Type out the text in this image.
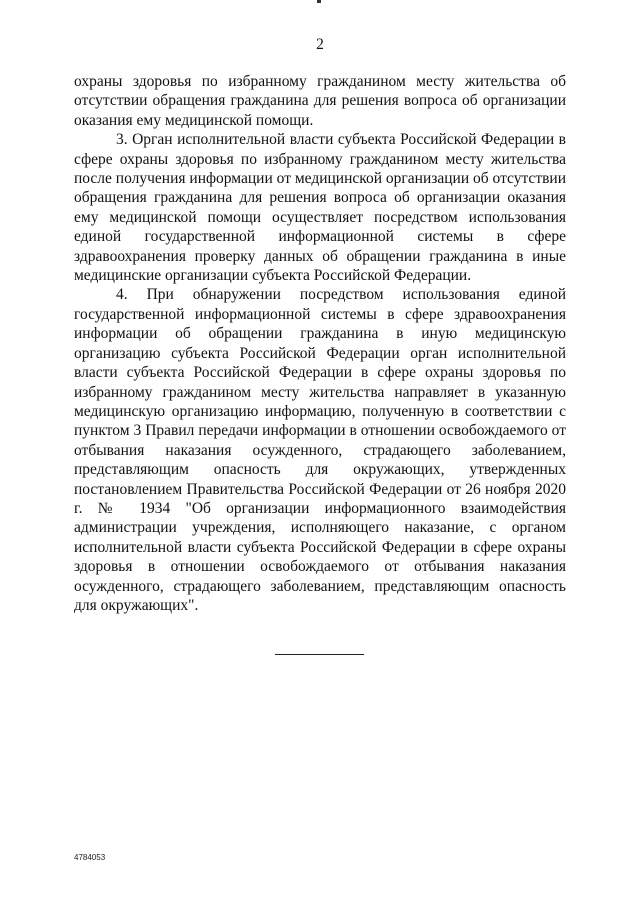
2

охраны здоровья по избранному гражданином месту жительства об отсутствии обращения гражданина для решения вопроса об организации оказания ему медицинской помощи.

3. Орган исполнительной власти субъекта Российской Федерации в сфере охраны здоровья по избранному гражданином месту жительства после получения информации от медицинской организации об отсутствии обращения гражданина для решения вопроса об организации оказания ему медицинской помощи осуществляет посредством использования единой государственной информационной системы в сфере здравоохранения проверку данных об обращении гражданина в иные медицинские организации субъекта Российской Федерации.

4. При обнаружении посредством использования единой государственной информационной системы в сфере здравоохранения информации об обращении гражданина в иную медицинскую организацию субъекта Российской Федерации орган исполнительной власти субъекта Российской Федерации в сфере охраны здоровья по избранному гражданином месту жительства направляет в указанную медицинскую организацию информацию, полученную в соответствии с пунктом 3 Правил передачи информации в отношении освобождаемого от отбывания наказания осужденного, страдающего заболеванием, представляющим опасность для окружающих, утвержденных постановлением Правительства Российской Федерации от 26 ноября 2020 г. № 1934 "Об организации информационного взаимодействия администрации учреждения, исполняющего наказание, с органом исполнительной власти субъекта Российской Федерации в сфере охраны здоровья в отношении освобождаемого от отбывания наказания осужденного, страдающего заболеванием, представляющим опасность для окружающих".

4784053
